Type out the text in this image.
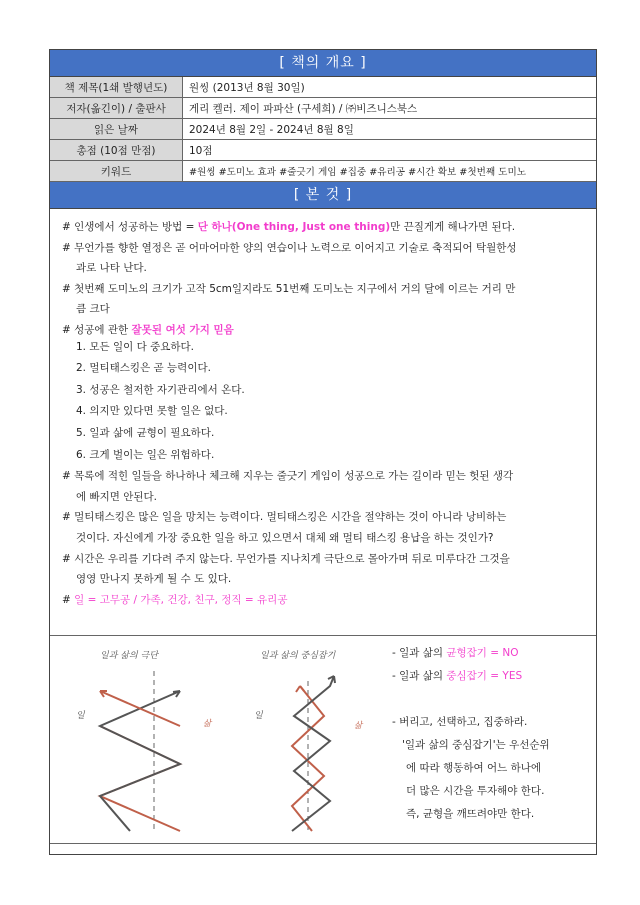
[ 책의 개요 ]
책 제목(1쇄 발행년도)	원씽 (2013년 8월 30일)
저자(옮긴이) / 출판사	게리 켈러. 제이 파파산 (구세희) / ㈜비즈니스북스
읽은 날짜	2024년 8월 2일 - 2024년 8월 8일
총점 (10점 만점)	10점
키워드	#원씽 #도미노 효과 #줄긋기 게임 #집중 #유리공 #시간 확보 #첫번째 도미노
[ 본 것 ]

# 인생에서 성공하는 방법 = 단 하나(One thing, Just one thing)만 끈질게게 해나가면 된다.

# 무언가를 향한 열정은 곧 어마어마한 양의 연습이나 노력으로 이어지고 기술로 축적되어 탁월한성

과로 나타 난다.

# 첫번째 도미노의 크기가 고작 5cm일지라도 51번째 도미노는 지구에서 거의 달에 이르는 거리 만

큼 크다

# 성공에 관한 잘못된 여섯 가지 믿음

1. 모든 일이 다 중요하다.

2. 멀티태스킹은 곧 능력이다.

3. 성공은 철저한 자기관리에서 온다.

4. 의지만 있다면 못할 일은 없다.

5. 일과 삶에 균형이 필요하다.

6. 크게 벌이는 일은 위험하다.

# 목록에 적힌 일들을 하나하나 체크해 지우는 줄긋기 게임이 성공으로 가는 길이라 믿는 헛된 생각

에 빠지면 안된다.

# 멀티태스킹은 많은 일을 망치는 능력이다. 멀티태스킹은 시간을 절약하는 것이 아니라 낭비하는

것이다. 자신에게 가장 중요한 일을 하고 있으면서 대체 왜 멀티 태스킹 용납을 하는 것인가?

# 시간은 우리를 기다려 주지 않는다. 무언가를 지나치게 극단으로 몰아가며 뒤로 미루다간 그것을

영영 만나지 못하게 될 수 도 있다.

# 일 = 고무공 / 가족, 건강, 친구, 정직 = 유리공

일과 삶의 극단
일
삶
일과 삶의 중심잡기
일
삶

- 일과 삶의 균형잡기 = NO

- 일과 삶의 중심잡기 = YES

- 버리고, 선택하고, 집중하라.

'일과 삶의 중심잡기'는 우선순위

에 따라 행동하여 어느 하나에

더 많은 시간을 투자해야 한다.

즉, 균형을 깨뜨려야만 한다.
